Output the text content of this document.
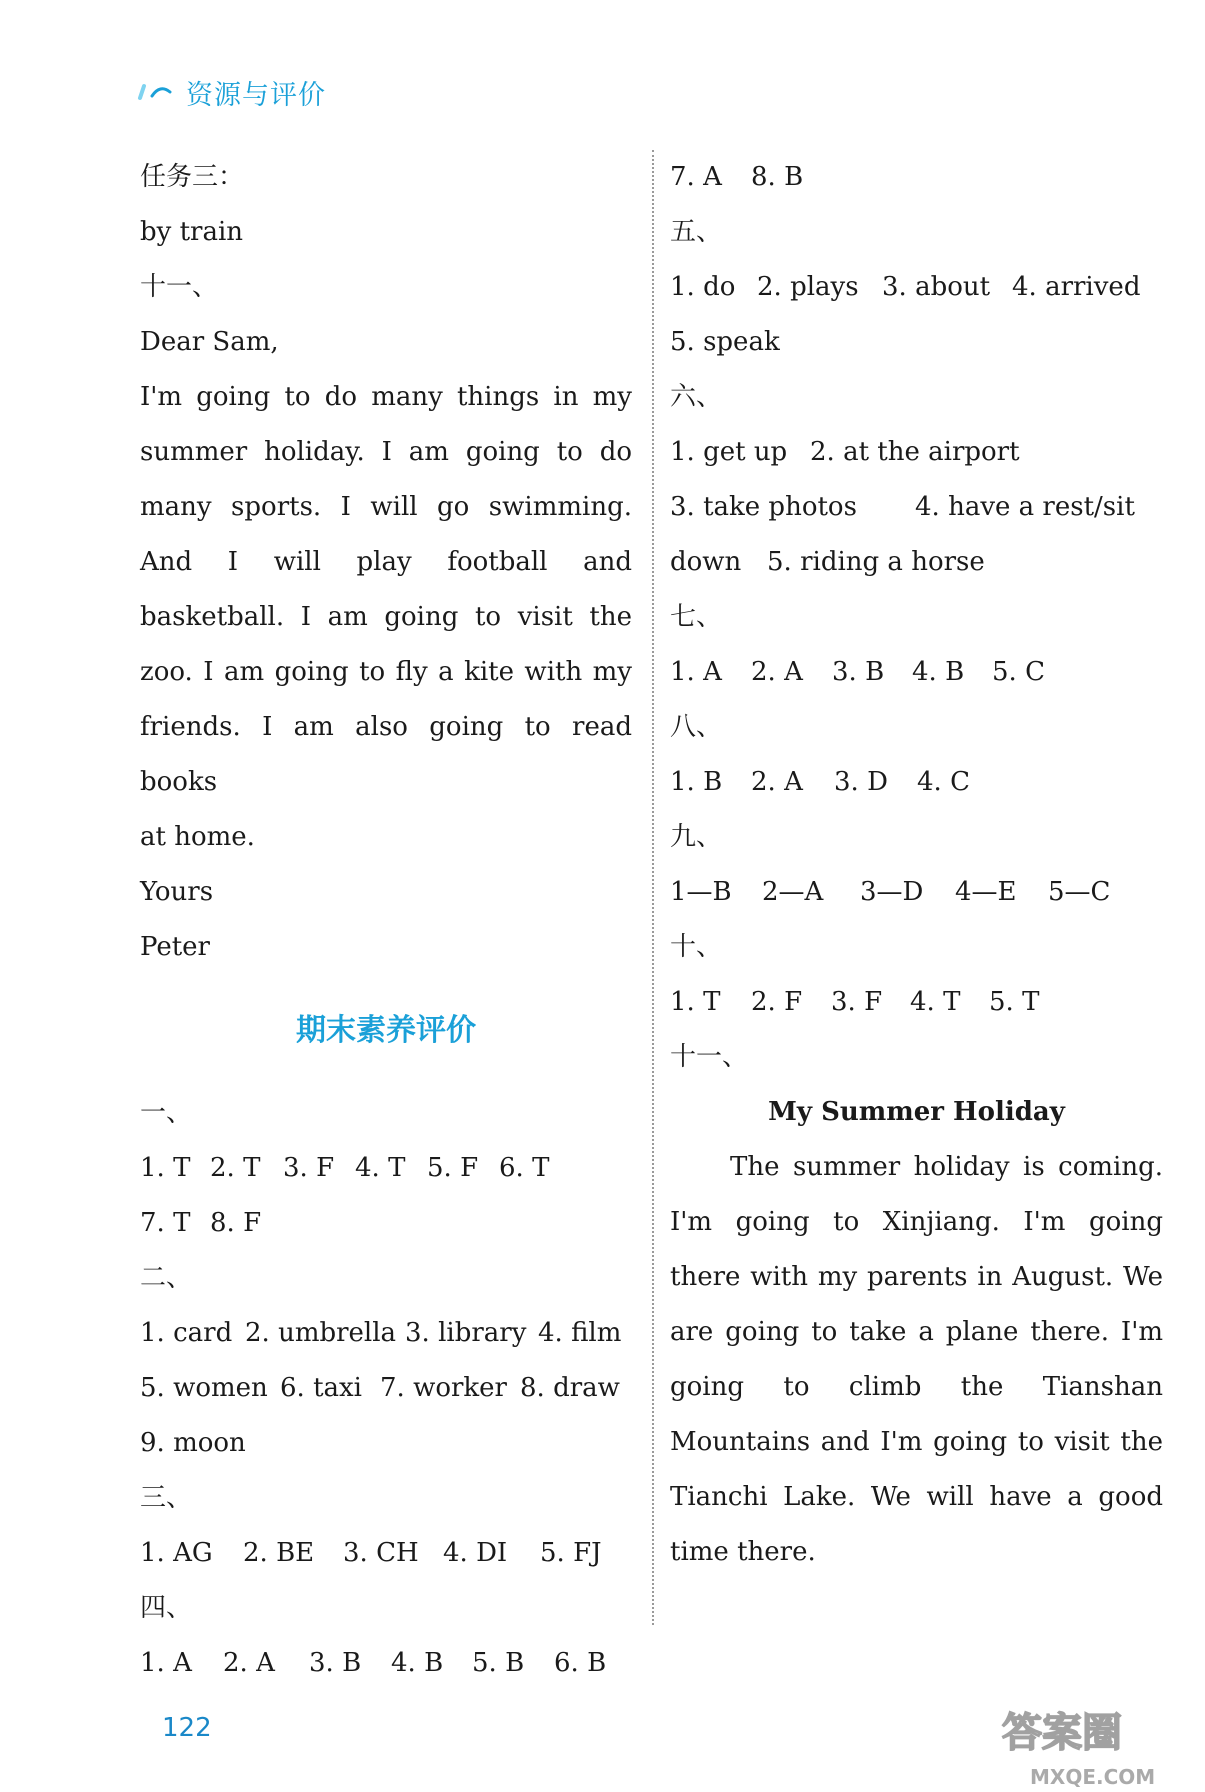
资源与评价

任务三：

by train

十一、

Dear Sam,

I'm going to do many things in my

summer holiday. I am going to do

many sports. I will go swimming.

And I will play football and

basketball. I am going to visit the

zoo. I am going to fly a kite with my

friends. I am also going to read books

at home.

Yours

Peter

期末素养评价

一、

1. T 2. T 3. F 4. T 5. F 6. T

7. T 8. F

二、

1. card 2. umbrella 3. library 4. film

5. women 6. taxi 7. worker 8. draw

9. moon

三、

1. AG 2. BE 3. CH 4. DI 5. FJ

四、

1. A 2. A 3. B 4. B 5. B 6. B

7. A 8. B

五、

1. do 2. plays 3. about 4. arrived

5. speak

六、

1. get up 2. at the airport

3. take photos 4. have a rest/sit

down 5. riding a horse

七、

1. A 2. A 3. B 4. B 5. C

八、

1. B 2. A 3. D 4. C

九、

1—B 2—A 3—D 4—E 5—C

十、

1. T 2. F 3. F 4. T 5. T

十一、

My Summer Holiday

The summer holiday is coming.

I'm going to Xinjiang. I'm going

there with my parents in August. We

are going to take a plane there. I'm

going to climb the Tianshan

Mountains and I'm going to visit the

Tianchi Lake. We will have a good

time there.

122	答案圈
MXQE.COM
